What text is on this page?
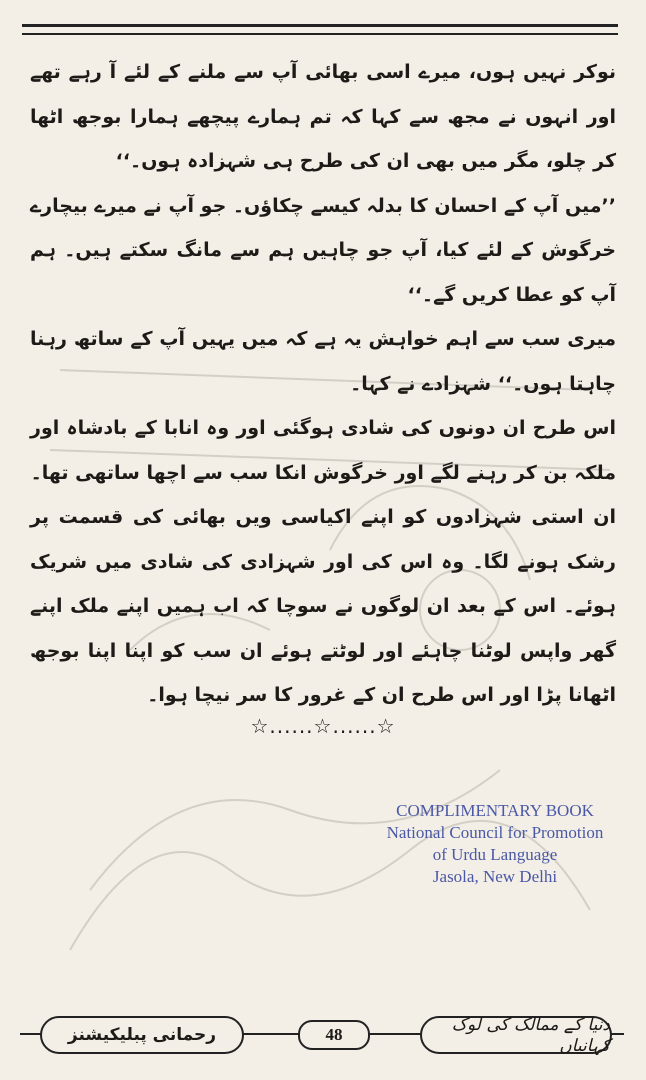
نوکر نہیں ہوں، میرے اسی بھائی آپ سے ملنے کے لئے آ رہے تھے اور انہوں نے مجھ سے کہا کہ تم ہمارے پیچھے ہمارا بوجھ اٹھا کر چلو، مگر میں بھی ان کی طرح ہی شہزادہ ہوں۔‘‘

’’میں آپ کے احسان کا بدلہ کیسے چکاؤں۔ جو آپ نے میرے بیچارے خرگوش کے لئے کیا، آپ جو چاہیں ہم سے مانگ سکتے ہیں۔ ہم آپ کو عطا کریں گے۔‘‘

میری سب سے اہم خواہش یہ ہے کہ میں یہیں آپ کے ساتھ رہنا چاہتا ہوں۔‘‘ شہزادے نے کہا۔

اس طرح ان دونوں کی شادی ہوگئی اور وہ انابا کے بادشاہ اور ملکہ بن کر رہنے لگے اور خرگوش انکا سب سے اچھا ساتھی تھا۔

ان استی شہزادوں کو اپنے اکیاسی ویں بھائی کی قسمت پر رشک ہونے لگا۔ وہ اس کی اور شہزادی کی شادی میں شریک ہوئے۔ اس کے بعد ان لوگوں نے سوچا کہ اب ہمیں اپنے ملک اپنے گھر واپس لوٹنا چاہئے اور لوٹتے ہوئے ان سب کو اپنا اپنا بوجھ اٹھانا پڑا اور اس طرح ان کے غرور کا سر نیچا ہوا۔

☆......☆......☆
COMPLIMENTARY BOOK
National Council for Promotion
of Urdu Language
Jasola, New Delhi
رحمانی پبلیکیشنز	48	دنیا کے ممالک کی لوک کہانیاں
